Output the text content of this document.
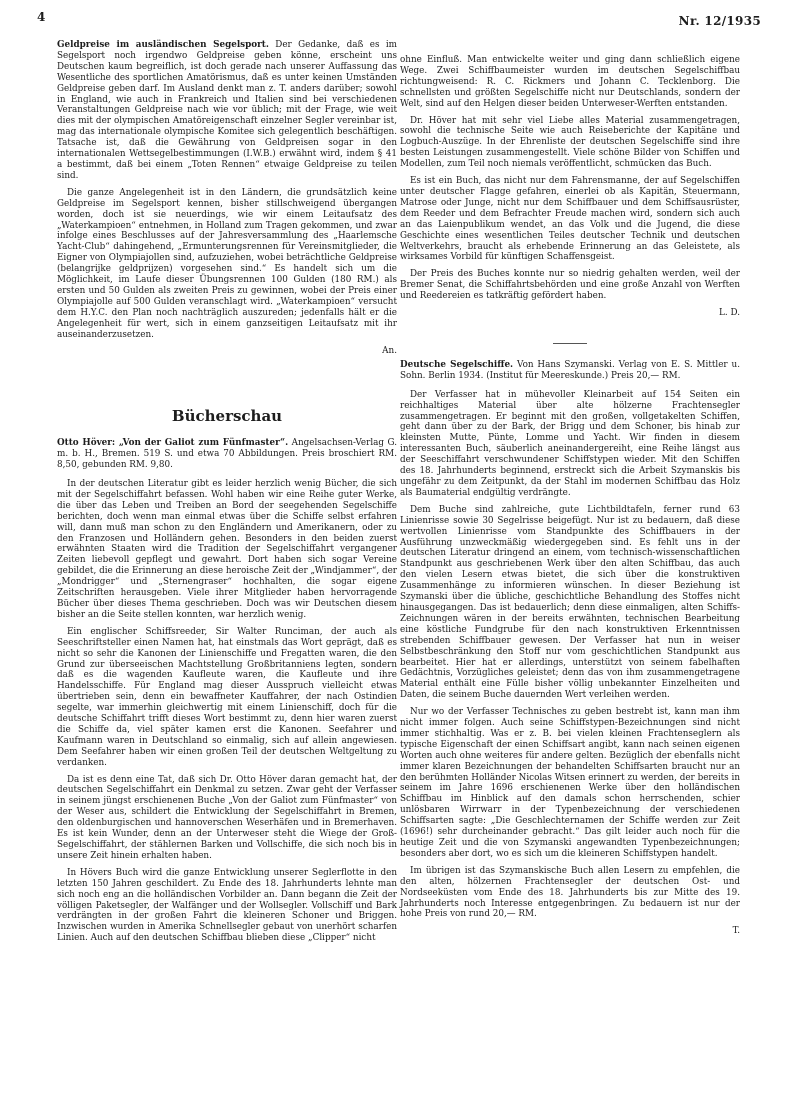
4	Nr. 12/1935

Geldpreise im ausländischen Segelsport. Der Gedanke, daß es im Segelsport noch irgendwo Geldpreise geben könne, erscheint uns Deutschen kaum begreiflich, ist doch gerade nach unserer Auffassung das Wesentliche des sportlichen Amatörismus, daß es unter keinen Umständen Geldpreise geben darf. Im Ausland denkt man z. T. anders darüber; sowohl in England, wie auch in Frankreich und Italien sind bei verschiedenen Veranstaltungen Geldpreise nach wie vor üblich; mit der Frage, wie weit dies mit der olympischen Amatöreigenschaft einzelner Segler vereinbar ist, mag das internationale olympische Komitee sich gelegentlich beschäftigen. Tatsache ist, daß die Gewährung von Geldpreisen sogar in den internationalen Wettsegelbestimmungen (I.W.B.) erwähnt wird, indem § 41 a bestimmt, daß bei einem „Toten Rennen“ etwaige Geldpreise zu teilen sind.

Die ganze Angelegenheit ist in den Ländern, die grundsätzlich keine Geldpreise im Segelsport kennen, bisher stillschweigend übergangen worden, doch ist sie neuerdings, wie wir einem Leitaufsatz des „Waterkampioen“ entnehmen, in Holland zum Tragen gekommen, und zwar infolge eines Beschlusses auf der Jahresversammlung des „Haarlemsche Yacht-Club“ dahingehend, „Ermunterungsrennen für Vereinsmitglieder, die Eigner von Olympiajollen sind, aufzuziehen, wobei beträchtliche Geldpreise (belangrijke geldprijzen) vorgesehen sind.“ Es handelt sich um die Möglichkeit, im Laufe dieser Übungsrennen 100 Gulden (180 RM.) als ersten und 50 Gulden als zweiten Preis zu gewinnen, wobei der Preis einer Olympiajolle auf 500 Gulden veranschlagt wird. „Waterkampioen“ versucht dem H.Y.C. den Plan noch nachträglich auszureden; jedenfalls hält er die Angelegenheit für wert, sich in einem ganzseitigen Leitaufsatz mit ihr auseinanderzusetzen.

An.

Bücherschau

Otto Höver: „Von der Galiot zum Fünfmaster“. Angelsachsen-Verlag G. m. b. H., Bremen. 519 S. und etwa 70 Abbildungen. Preis broschiert RM. 8,50, gebunden RM. 9,80.

In der deutschen Literatur gibt es leider herzlich wenig Bücher, die sich mit der Segelschiffahrt befassen. Wohl haben wir eine Reihe guter Werke, die über das Leben und Treiben an Bord der seegehenden Segelschiffe berichten, doch wenn man einmal etwas über die Schiffe selbst erfahren will, dann muß man schon zu den Engländern und Amerikanern, oder zu den Franzosen und Holländern gehen. Besonders in den beiden zuerst erwähnten Staaten wird die Tradition der Segelschiffahrt vergangener Zeiten liebevoll gepflegt und gewahrt. Dort haben sich sogar Vereine gebildet, die die Erinnerung an diese heroische Zeit der „Windjammer“, der „Mondrigger“ und „Sternengraser“ hochhalten, die sogar eigene Zeitschriften herausgeben. Viele ihrer Mitglieder haben hervorragende Bücher über dieses Thema geschrieben. Doch was wir Deutschen diesem bisher an die Seite stellen konnten, war herzlich wenig.

Ein englischer Schiffsreeder, Sir Walter Runciman, der auch als Seeschriftsteller einen Namen hat, hat einstmals das Wort geprägt, daß es nicht so sehr die Kanonen der Linienschiffe und Fregatten waren, die den Grund zur überseeischen Machtstellung Großbritanniens legten, sondern daß es die wagenden Kaufleute waren, die Kaufleute und ihre Handelsschiffe. Für England mag dieser Ausspruch vielleicht etwas übertrieben sein, denn ein bewaffneter Kauffahrer, der nach Ostindien segelte, war immerhin gleichwertig mit einem Linienschiff, doch für die deutsche Schiffahrt trifft dieses Wort bestimmt zu, denn hier waren zuerst die Schiffe da, viel später kamen erst die Kanonen. Seefahrer und Kaufmann waren in Deutschland so einmalig, sich auf allein angewiesen. Dem Seefahrer haben wir einen großen Teil der deutschen Weltgeltung zu verdanken.

Da ist es denn eine Tat, daß sich Dr. Otto Höver daran gemacht hat, der deutschen Segelschiffahrt ein Denkmal zu setzen. Zwar geht der Verfasser in seinem jüngst erschienenen Buche „Von der Galiot zum Fünfmaster“ von der Weser aus, schildert die Entwicklung der Segelschiffahrt in Bremen, den oldenburgischen und hannoverschen Weserhäfen und in Bremerhaven. Es ist kein Wunder, denn an der Unterweser steht die Wiege der Groß-Segelschiffahrt, der stählernen Barken und Vollschiffe, die sich noch bis in unsere Zeit hinein erhalten haben.

In Hövers Buch wird die ganze Entwicklung unserer Seglerflotte in den letzten 150 Jahren geschildert. Zu Ende des 18. Jahrhunderts lehnte man sich noch eng an die holländischen Vorbilder an. Dann begann die Zeit der völligen Paketsegler, der Walfänger und der Wollsegler. Vollschiff und Bark verdrängten in der großen Fahrt die kleineren Schoner und Briggen. Inzwischen wurden in Amerika Schnellsegler gebaut von unerhört scharfen Linien. Auch auf den deutschen Schiffbau blieben diese „Clipper“ nicht

ohne Einfluß. Man entwickelte weiter und ging dann schließlich eigene Wege. Zwei Schiffbaumeister wurden im deutschen Segelschiffbau richtungweisend: R. C. Rickmers und Johann C. Tecklenborg. Die schnellsten und größten Segelschiffe nicht nur Deutschlands, sondern der Welt, sind auf den Helgen dieser beiden Unterweser-Werften entstanden.

Dr. Höver hat mit sehr viel Liebe alles Material zusammengetragen, sowohl die technische Seite wie auch Reiseberichte der Kapitäne und Logbuch-Auszüge. In der Ehrenliste der deutschen Segelschiffe sind ihre besten Leistungen zusammengestellt. Viele schöne Bilder von Schiffen und Modellen, zum Teil noch niemals veröffentlicht, schmücken das Buch.

Es ist ein Buch, das nicht nur dem Fahrensmanne, der auf Segelschiffen unter deutscher Flagge gefahren, einerlei ob als Kapitän, Steuermann, Matrose oder Junge, nicht nur dem Schiffbauer und dem Schiffsausrüster, dem Reeder und dem Befrachter Freude machen wird, sondern sich auch an das Laienpublikum wendet, an das Volk und die Jugend, die diese Geschichte eines wesentlichen Teiles deutscher Technik und deutschen Weltverkehrs, braucht als erhebende Erinnerung an das Geleistete, als wirksames Vorbild für künftigen Schaffensgeist.

Der Preis des Buches konnte nur so niedrig gehalten werden, weil der Bremer Senat, die Schiffahrtsbehörden und eine große Anzahl von Werften und Reedereien es tatkräftig gefördert haben.

L. D.

Deutsche Segelschiffe. Von Hans Szymanski. Verlag von E. S. Mittler u. Sohn. Berlin 1934. (Institut für Meereskunde.) Preis 20,— RM.

Der Verfasser hat in mühevoller Kleinarbeit auf 154 Seiten ein reichhaltiges Material über alte hölzerne Frachtensegler zusammengetragen. Er beginnt mit den großen, vollgetakelten Schiffen, geht dann über zu der Bark, der Brigg und dem Schoner, bis hinab zur kleinsten Mutte, Pünte, Lomme und Yacht. Wir finden in diesem interessanten Buch, säuberlich aneinandergereiht, eine Reihe längst aus der Seeschiffahrt verschwundener Schiffstypen wieder. Mit den Schiffen des 18. Jahrhunderts beginnend, erstreckt sich die Arbeit Szymanskis bis ungefähr zu dem Zeitpunkt, da der Stahl im modernen Schiffbau das Holz als Baumaterial endgültig verdrängte.

Dem Buche sind zahlreiche, gute Lichtbildtafeln, ferner rund 63 Linienrisse sowie 30 Segelrisse beigefügt. Nur ist zu bedauern, daß diese wertvollen Linienrisse vom Standpunkte des Schiffbauers in der Ausführung unzweckmäßig wiedergegeben sind. Es fehlt uns in der deutschen Literatur dringend an einem, vom technisch-wissenschaftlichen Standpunkt aus geschriebenen Werk über den alten Schiffbau, das auch den vielen Lesern etwas bietet, die sich über die konstruktiven Zusammenhänge zu informieren wünschen. In dieser Beziehung ist Szymanski über die übliche, geschichtliche Behandlung des Stoffes nicht hinausgegangen. Das ist bedauerlich; denn diese einmaligen, alten Schiffs-Zeichnungen wären in der bereits erwähnten, technischen Bearbeitung eine köstliche Fundgrube für den nach konstruktiven Erkenntnissen strebenden Schiffbauer gewesen. Der Verfasser hat nun in weiser Selbstbeschränkung den Stoff nur vom geschichtlichen Standpunkt aus bearbeitet. Hier hat er allerdings, unterstützt von seinem fabelhaften Gedächtnis, Vorzügliches geleistet; denn das von ihm zusammengetragene Material enthält eine Fülle bisher völlig unbekannter Einzelheiten und Daten, die seinem Buche dauernden Wert verleihen werden.

Nur wo der Verfasser Technisches zu geben bestrebt ist, kann man ihm nicht immer folgen. Auch seine Schiffstypen-Bezeichnungen sind nicht immer stichhaltig. Was er z. B. bei vielen kleinen Frachtenseglern als typische Eigenschaft der einen Schiffsart angibt, kann nach seinen eigenen Worten auch ohne weiteres für andere gelten. Bezüglich der ebenfalls nicht immer klaren Bezeichnungen der behandelten Schiffsarten braucht nur an den berühmten Holländer Nicolas Witsen erinnert zu werden, der bereits in seinem im Jahre 1696 erschienenen Werke über den holländischen Schiffbau im Hinblick auf den damals schon herrschenden, schier unlösbaren Wirrwarr in der Typenbezeichnung der verschiedenen Schiffsarten sagte: „Die Geschlechternamen der Schiffe werden zur Zeit (1696!) sehr durcheinander gebracht.“ Das gilt leider auch noch für die heutige Zeit und die von Szymanski angewandten Typenbezeichnungen; besonders aber dort, wo es sich um die kleineren Schiffstypen handelt.

Im übrigen ist das Szymanskische Buch allen Lesern zu empfehlen, die den alten, hölzernen Frachtensegler der deutschen Ost- und Nordseeküsten vom Ende des 18. Jahrhunderts bis zur Mitte des 19. Jahrhunderts noch Interesse entgegenbringen. Zu bedauern ist nur der hohe Preis von rund 20,— RM.

T.
